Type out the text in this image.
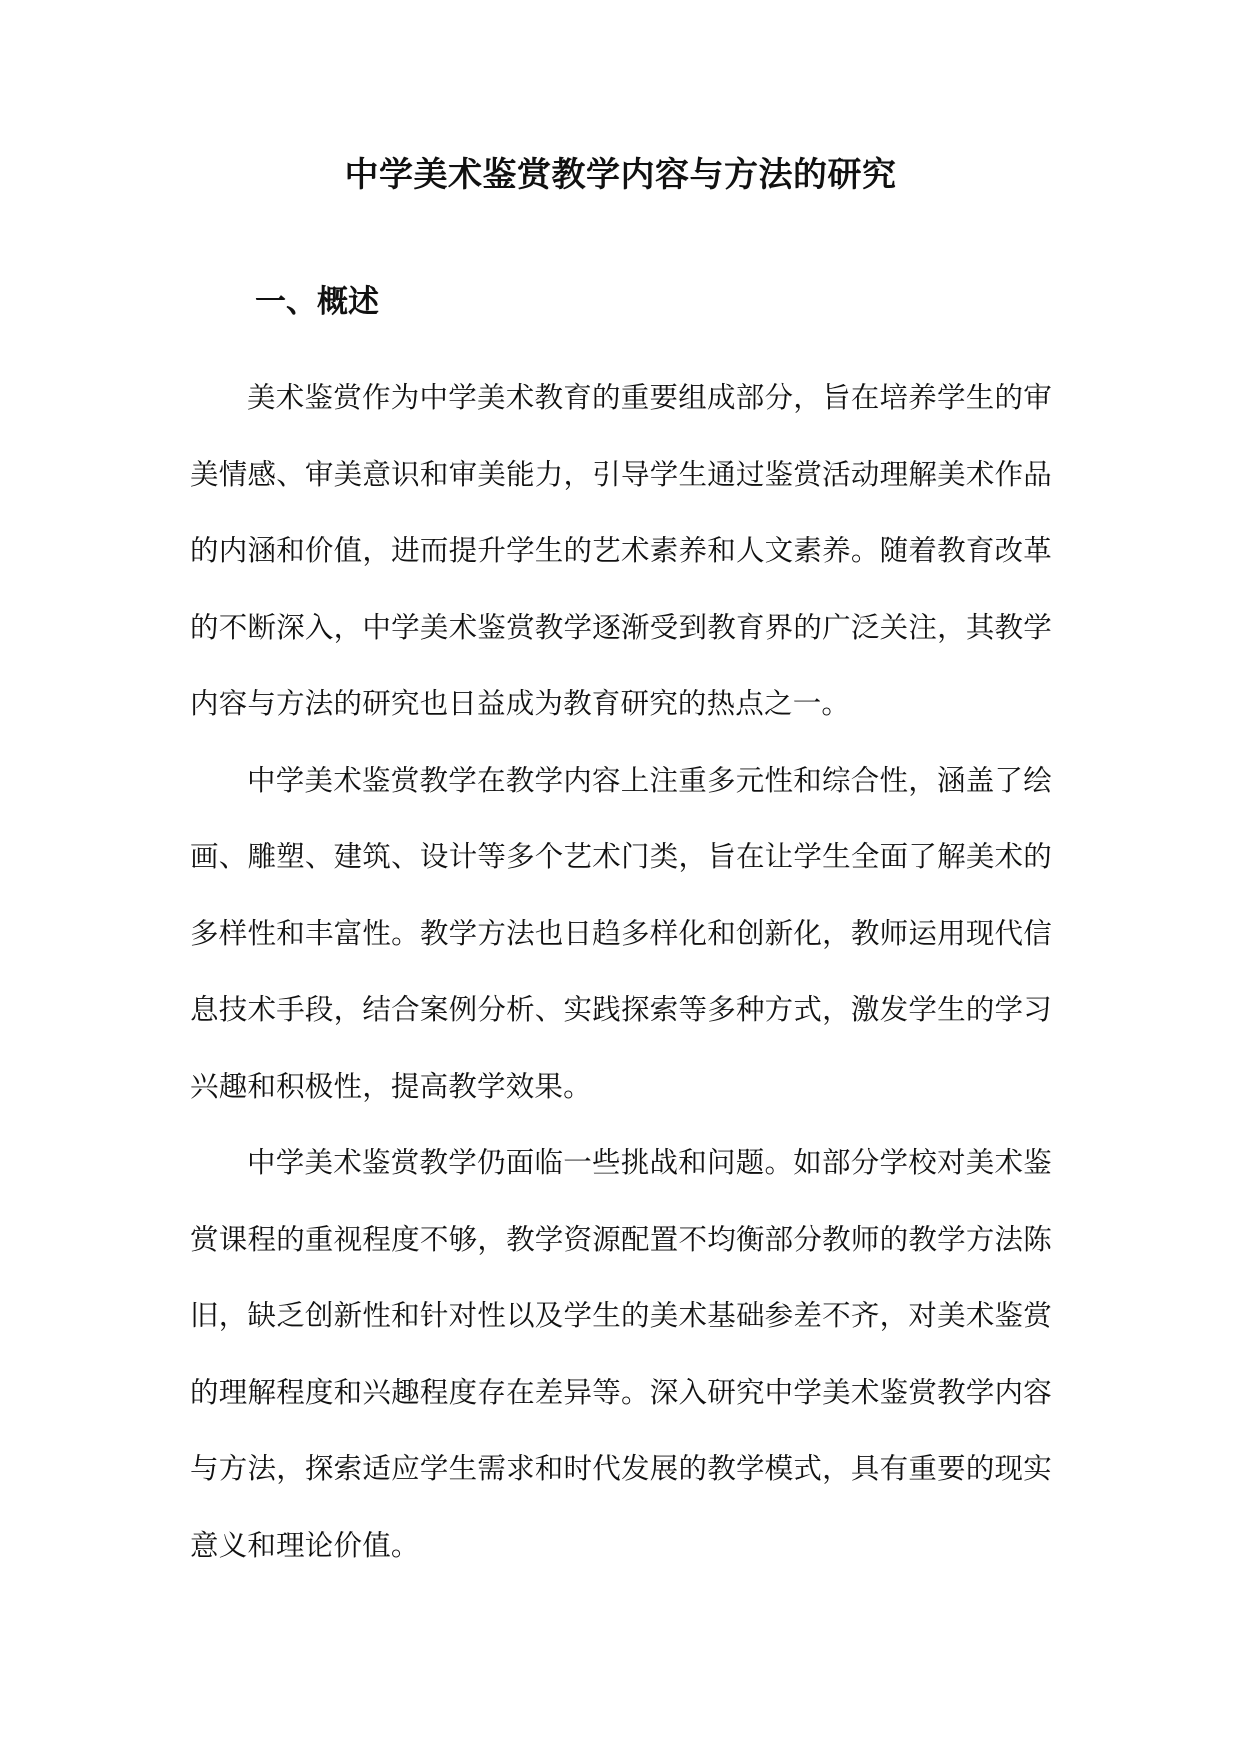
中学美术鉴赏教学内容与方法的研究
一、概述

美术鉴赏作为中学美术教育的重要组成部分，旨在培养学生的审美情感、审美意识和审美能力，引导学生通过鉴赏活动理解美术作品的内涵和价值，进而提升学生的艺术素养和人文素养。随着教育改革的不断深入，中学美术鉴赏教学逐渐受到教育界的广泛关注，其教学内容与方法的研究也日益成为教育研究的热点之一。

中学美术鉴赏教学在教学内容上注重多元性和综合性，涵盖了绘画、雕塑、建筑、设计等多个艺术门类，旨在让学生全面了解美术的多样性和丰富性。教学方法也日趋多样化和创新化，教师运用现代信息技术手段，结合案例分析、实践探索等多种方式，激发学生的学习兴趣和积极性，提高教学效果。

中学美术鉴赏教学仍面临一些挑战和问题。如部分学校对美术鉴赏课程的重视程度不够，教学资源配置不均衡部分教师的教学方法陈旧，缺乏创新性和针对性以及学生的美术基础参差不齐，对美术鉴赏的理解程度和兴趣程度存在差异等。深入研究中学美术鉴赏教学内容与方法，探索适应学生需求和时代发展的教学模式，具有重要的现实意义和理论价值。
